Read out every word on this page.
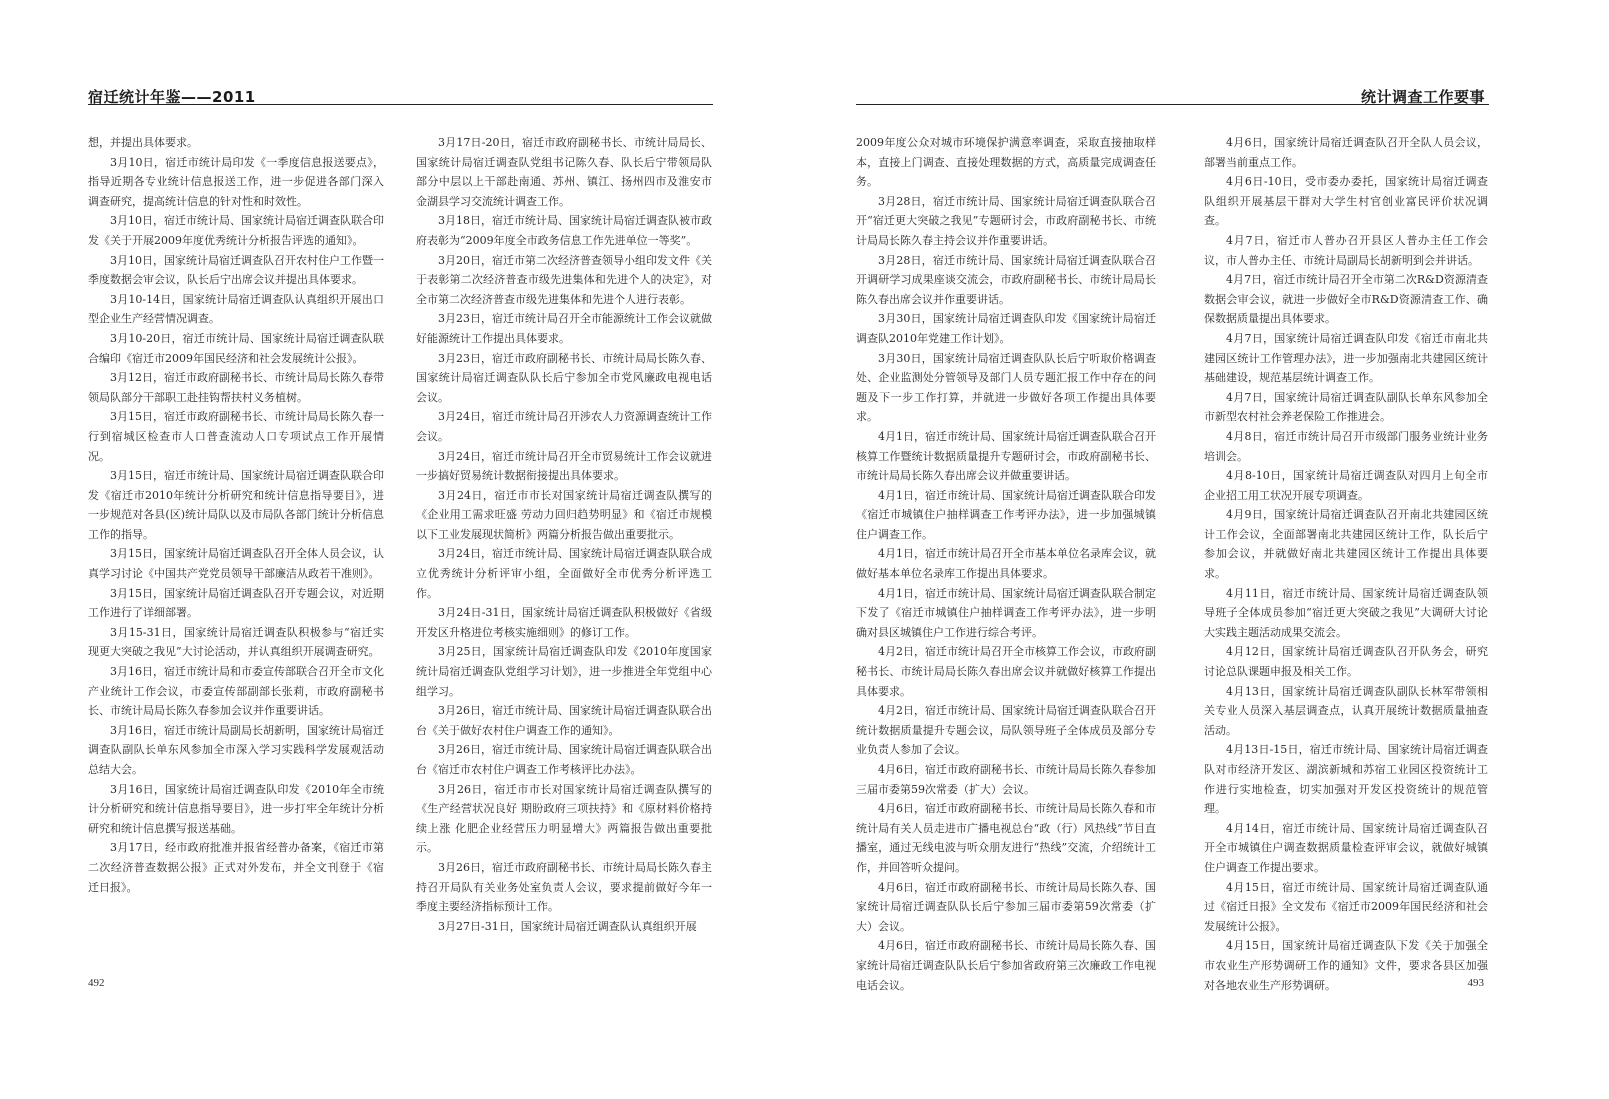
宿迁统计年鉴——2011

想，并提出具体要求。

3月10日，宿迁市统计局印发《一季度信息报送要点》，指导近期各专业统计信息报送工作，进一步促进各部门深入调查研究，提高统计信息的针对性和时效性。

3月10日，宿迁市统计局、国家统计局宿迁调查队联合印发《关于开展2009年度优秀统计分析报告评选的通知》。

3月10日，国家统计局宿迁调查队召开农村住户工作暨一季度数据会审会议，队长后宁出席会议并提出具体要求。

3月10-14日，国家统计局宿迁调查队认真组织开展出口型企业生产经营情况调查。

3月10-20日，宿迁市统计局、国家统计局宿迁调查队联合编印《宿迁市2009年国民经济和社会发展统计公报》。

3月12日，宿迁市政府副秘书长、市统计局局长陈久春带领局队部分干部职工赴挂钩帮扶村义务植树。

3月15日，宿迁市政府副秘书长、市统计局局长陈久春一行到宿城区检查市人口普查流动人口专项试点工作开展情况。

3月15日，宿迁市统计局、国家统计局宿迁调查队联合印发《宿迁市2010年统计分析研究和统计信息指导要目》，进一步规范对各县(区)统计局队以及市局队各部门统计分析信息工作的指导。

3月15日，国家统计局宿迁调查队召开全体人员会议，认真学习讨论《中国共产党党员领导干部廉洁从政若干准则》。

3月15日，国家统计局宿迁调查队召开专题会议，对近期工作进行了详细部署。

3月15-31日，国家统计局宿迁调查队积极参与“宿迁实现更大突破之我见”大讨论活动，并认真组织开展调查研究。

3月16日，宿迁市统计局和市委宣传部联合召开全市文化产业统计工作会议，市委宣传部副部长张莉，市政府副秘书长、市统计局局长陈久春参加会议并作重要讲话。

3月16日，宿迁市统计局副局长胡新明，国家统计局宿迁调查队副队长单东风参加全市深入学习实践科学发展观活动总结大会。

3月16日，国家统计局宿迁调查队印发《2010年全市统计分析研究和统计信息指导要目》，进一步打牢全年统计分析研究和统计信息撰写报送基础。

3月17日，经市政府批准并报省经普办备案，《宿迁市第二次经济普查数据公报》正式对外发布，并全文刊登于《宿迁日报》。

3月17日-20日，宿迁市政府副秘书长、市统计局局长、国家统计局宿迁调查队党组书记陈久春、队长后宁带领局队部分中层以上干部赴南通、苏州、镇江、扬州四市及淮安市金湖县学习交流统计调查工作。

3月18日，宿迁市统计局、国家统计局宿迁调查队被市政府表彰为“2009年度全市政务信息工作先进单位一等奖”。

3月20日，宿迁市第二次经济普查领导小组印发文件《关于表彰第二次经济普查市级先进集体和先进个人的决定》，对全市第二次经济普查市级先进集体和先进个人进行表彰。

3月23日，宿迁市统计局召开全市能源统计工作会议就做好能源统计工作提出具体要求。

3月23日，宿迁市政府副秘书长、市统计局局长陈久春、国家统计局宿迁调查队队长后宁参加全市党风廉政电视电话会议。

3月24日，宿迁市统计局召开涉农人力资源调查统计工作会议。

3月24日，宿迁市统计局召开全市贸易统计工作会议就进一步搞好贸易统计数据衔接提出具体要求。

3月24日，宿迁市市长对国家统计局宿迁调查队撰写的《企业用工需求旺盛 劳动力回归趋势明显》和《宿迁市规模以下工业发展现状简析》两篇分析报告做出重要批示。

3月24日，宿迁市统计局、国家统计局宿迁调查队联合成立优秀统计分析评审小组，全面做好全市优秀分析评选工作。

3月24日-31日，国家统计局宿迁调查队积极做好《省级开发区升格进位考核实施细则》的修订工作。

3月25日，国家统计局宿迁调查队印发《2010年度国家统计局宿迁调查队党组学习计划》，进一步推进全年党组中心组学习。

3月26日，宿迁市统计局、国家统计局宿迁调查队联合出台《关于做好农村住户调查工作的通知》。

3月26日，宿迁市统计局、国家统计局宿迁调查队联合出台《宿迁市农村住户调查工作考核评比办法》。

3月26日，宿迁市市长对国家统计局宿迁调查队撰写的《生产经营状况良好 期盼政府三项扶持》和《原材料价格持续上涨 化肥企业经营压力明显增大》两篇报告做出重要批示。

3月26日，宿迁市政府副秘书长、市统计局局长陈久春主持召开局队有关业务处室负责人会议，要求提前做好今年一季度主要经济指标预计工作。

3月27日-31日，国家统计局宿迁调查队认真组织开展

492
统计调查工作要事

2009年度公众对城市环境保护满意率调查，采取直接抽取样本，直接上门调查、直接处理数据的方式，高质量完成调查任务。

3月28日，宿迁市统计局、国家统计局宿迁调查队联合召开“宿迁更大突破之我见”专题研讨会，市政府副秘书长、市统计局局长陈久春主持会议并作重要讲话。

3月28日，宿迁市统计局、国家统计局宿迁调查队联合召开调研学习成果座谈交流会，市政府副秘书长、市统计局局长陈久春出席会议并作重要讲话。

3月30日，国家统计局宿迁调查队印发《国家统计局宿迁调查队2010年党建工作计划》。

3月30日，国家统计局宿迁调查队队长后宁听取价格调查处、企业监测处分管领导及部门人员专题汇报工作中存在的问题及下一步工作打算，并就进一步做好各项工作提出具体要求。

4月1日，宿迁市统计局、国家统计局宿迁调查队联合召开核算工作暨统计数据质量提升专题研讨会，市政府副秘书长、市统计局局长陈久春出席会议并做重要讲话。

4月1日，宿迁市统计局、国家统计局宿迁调查队联合印发《宿迁市城镇住户抽样调查工作考评办法》，进一步加强城镇住户调查工作。

4月1日，宿迁市统计局召开全市基本单位名录库会议，就做好基本单位名录库工作提出具体要求。

4月1日，宿迁市统计局、国家统计局宿迁调查队联合制定下发了《宿迁市城镇住户抽样调查工作考评办法》，进一步明确对县区城镇住户工作进行综合考评。

4月2日，宿迁市统计局召开全市核算工作会议，市政府副秘书长、市统计局局长陈久春出席会议并就做好核算工作提出具体要求。

4月2日，宿迁市统计局、国家统计局宿迁调查队联合召开统计数据质量提升专题会议，局队领导班子全体成员及部分专业负责人参加了会议。

4月6日，宿迁市政府副秘书长、市统计局局长陈久春参加三届市委第59次常委（扩大）会议。

4月6日，宿迁市政府副秘书长、市统计局局长陈久春和市统计局有关人员走进市广播电视总台“政（行）风热线”节目直播室，通过无线电波与听众朋友进行“热线”交流，介绍统计工作，并回答听众提问。

4月6日，宿迁市政府副秘书长、市统计局局长陈久春、国家统计局宿迁调查队队长后宁参加三届市委第59次常委（扩大）会议。

4月6日，宿迁市政府副秘书长、市统计局局长陈久春、国家统计局宿迁调查队队长后宁参加省政府第三次廉政工作电视电话会议。

4月6日，国家统计局宿迁调查队召开全队人员会议，部署当前重点工作。

4月6日-10日，受市委办委托，国家统计局宿迁调查队组织开展基层干群对大学生村官创业富民评价状况调查。

4月7日，宿迁市人普办召开县区人普办主任工作会议，市人普办主任、市统计局副局长胡新明到会并讲话。

4月7日，宿迁市统计局召开全市第二次R&D资源清查数据会审会议，就进一步做好全市R&D资源清查工作、确保数据质量提出具体要求。

4月7日，国家统计局宿迁调查队印发《宿迁市南北共建园区统计工作管理办法》，进一步加强南北共建园区统计基础建设，规范基层统计调查工作。

4月7日，国家统计局宿迁调查队副队长单东风参加全市新型农村社会养老保险工作推进会。

4月8日，宿迁市统计局召开市级部门服务业统计业务培训会。

4月8-10日，国家统计局宿迁调查队对四月上旬全市企业招工用工状况开展专项调查。

4月9日，国家统计局宿迁调查队召开南北共建园区统计工作会议，全面部署南北共建园区统计工作，队长后宁参加会议，并就做好南北共建园区统计工作提出具体要求。

4月11日，宿迁市统计局、国家统计局宿迁调查队领导班子全体成员参加“宿迁更大突破之我见”大调研大讨论大实践主题活动成果交流会。

4月12日，国家统计局宿迁调查队召开队务会，研究讨论总队课题申报及相关工作。

4月13日，国家统计局宿迁调查队副队长林军带领相关专业人员深入基层调查点，认真开展统计数据质量抽查活动。

4月13日-15日，宿迁市统计局、国家统计局宿迁调查队对市经济开发区、湖滨新城和苏宿工业园区投资统计工作进行实地检查，切实加强对开发区投资统计的规范管理。

4月14日，宿迁市统计局、国家统计局宿迁调查队召开全市城镇住户调查数据质量检查评审会议，就做好城镇住户调查工作提出要求。

4月15日，宿迁市统计局、国家统计局宿迁调查队通过《宿迁日报》全文发布《宿迁市2009年国民经济和社会发展统计公报》。

4月15日，国家统计局宿迁调查队下发《关于加强全市农业生产形势调研工作的通知》文件，要求各县区加强对各地农业生产形势调研。	493
